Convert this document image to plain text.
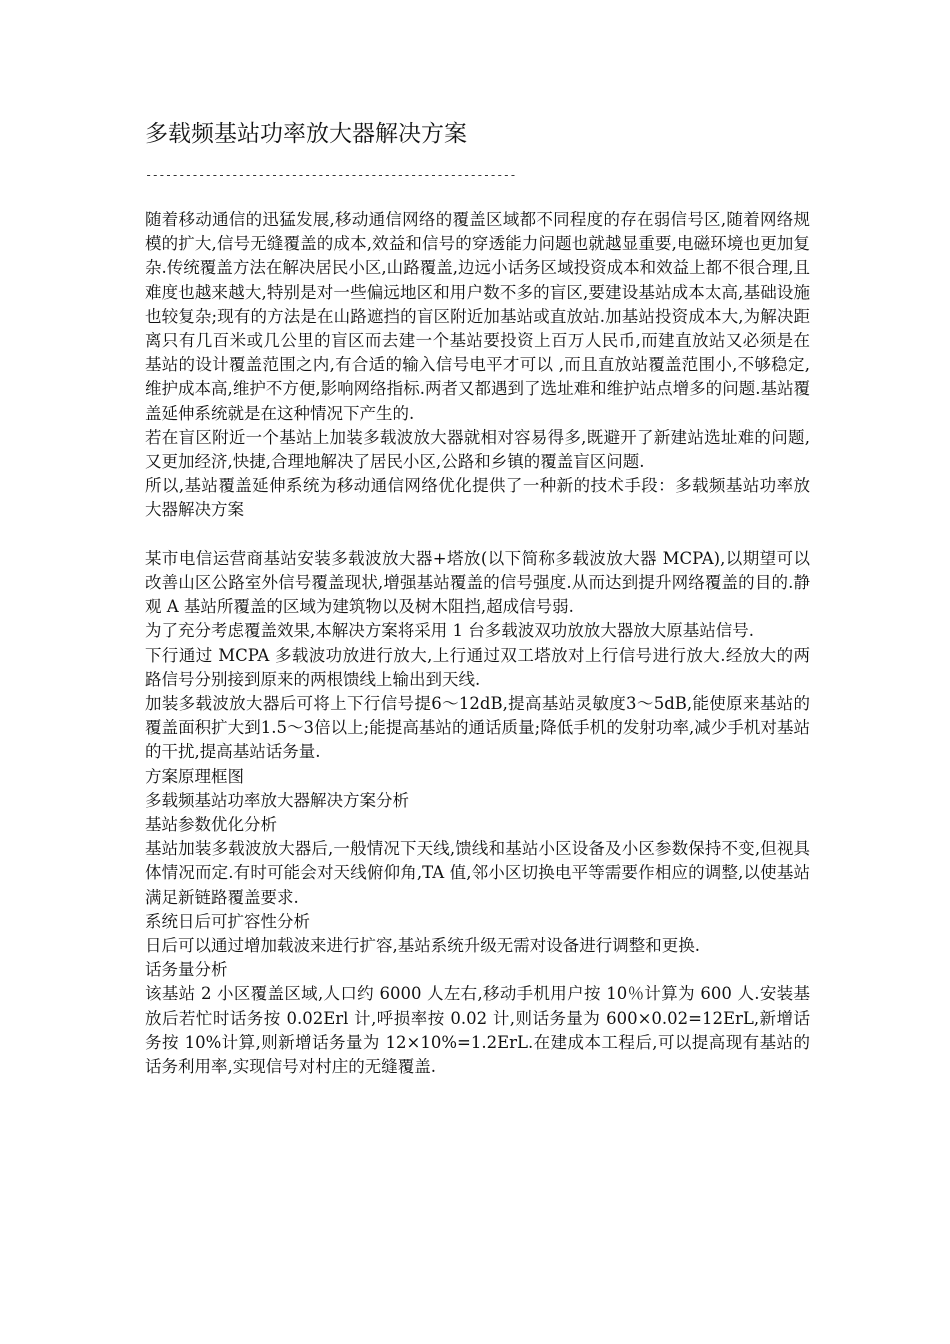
多载频基站功率放大器解决方案
--------------------------------------------------------

随着移动通信的迅猛发展,移动通信网络的覆盖区域都不同程度的存在弱信号区,随着网络规模的扩大,信号无缝覆盖的成本,效益和信号的穿透能力问题也就越显重要,电磁环境也更加复杂.传统覆盖方法在解决居民小区,山路覆盖,边远小话务区域投资成本和效益上都不很合理,且难度也越来越大,特别是对一些偏远地区和用户数不多的盲区,要建设基站成本太高,基础设施也较复杂;现有的方法是在山路遮挡的盲区附近加基站或直放站.加基站投资成本大,为解决距离只有几百米或几公里的盲区而去建一个基站要投资上百万人民币,而建直放站又必须是在基站的设计覆盖范围之内,有合适的输入信号电平才可以 ,而且直放站覆盖范围小,不够稳定,维护成本高,维护不方便,影响网络指标.两者又都遇到了选址难和维护站点增多的问题.基站覆盖延伸系统就是在这种情况下产生的.

若在盲区附近一个基站上加装多载波放大器就相对容易得多,既避开了新建站选址难的问题,又更加经济,快捷,合理地解决了居民小区,公路和乡镇的覆盖盲区问题.

所以,基站覆盖延伸系统为移动通信网络优化提供了一种新的技术手段：多载频基站功率放大器解决方案

某市电信运营商基站安装多载波放大器+塔放(以下简称多载波放大器 MCPA),以期望可以改善山区公路室外信号覆盖现状,增强基站覆盖的信号强度.从而达到提升网络覆盖的目的.静观 A 基站所覆盖的区域为建筑物以及树木阻挡,超成信号弱.

为了充分考虑覆盖效果,本解决方案将采用 1 台多载波双功放放大器放大原基站信号.

下行通过 MCPA 多载波功放进行放大,上行通过双工塔放对上行信号进行放大.经放大的两路信号分别接到原来的两根馈线上输出到天线.

加装多载波放大器后可将上下行信号提6～12dB,提高基站灵敏度3～5dB,能使原来基站的覆盖面积扩大到1.5～3倍以上;能提高基站的通话质量;降低手机的发射功率,减少手机对基站的干扰,提高基站话务量.

方案原理框图

多载频基站功率放大器解决方案分析

基站参数优化分析

基站加装多载波放大器后,一般情况下天线,馈线和基站小区设备及小区参数保持不变,但视具体情况而定.有时可能会对天线俯仰角,TA 值,邻小区切换电平等需要作相应的调整,以使基站满足新链路覆盖要求.

系统日后可扩容性分析

日后可以通过增加载波来进行扩容,基站系统升级无需对设备进行调整和更换.

话务量分析

该基站 2 小区覆盖区域,人口约 6000 人左右,移动手机用户按 10％计算为 600 人.安装基放后若忙时话务按 0.02Erl 计,呼损率按 0.02 计,则话务量为 600×0.02=12ErL,新增话务按 10%计算,则新增话务量为 12×10%=1.2ErL.在建成本工程后,可以提高现有基站的话务利用率,实现信号对村庄的无缝覆盖.
